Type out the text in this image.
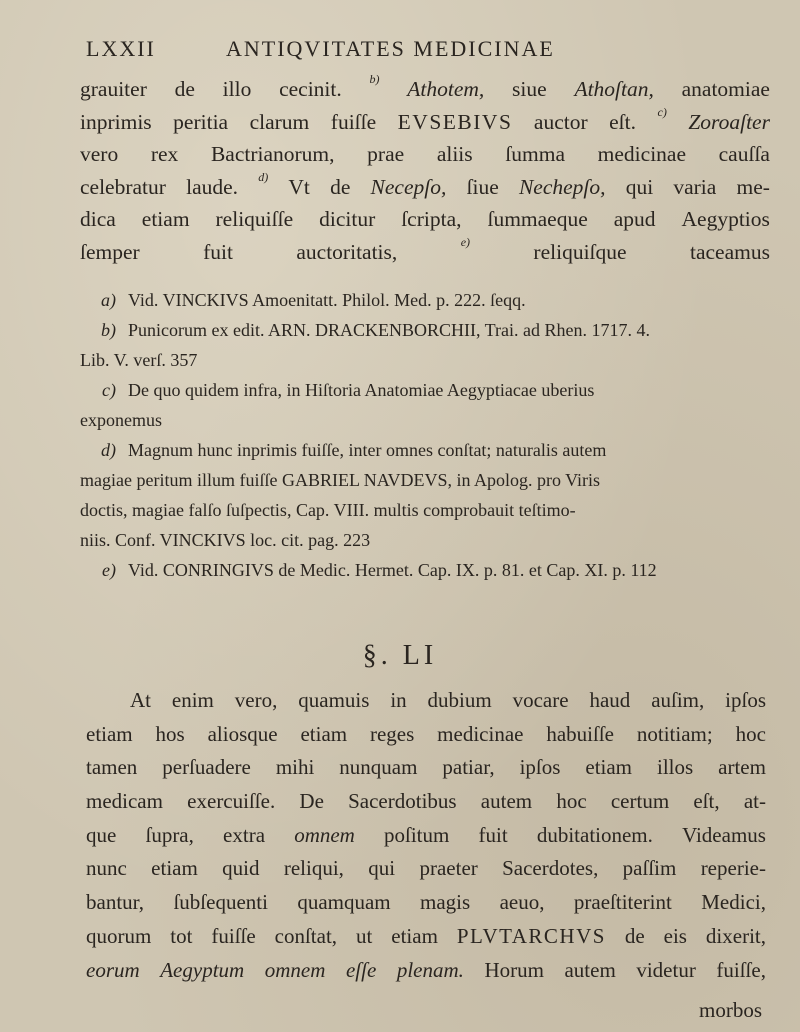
LXXII	ANTIQVITATES MEDICINAE
grauiter de illo cecinit. b) Athotem, siue Athoſtan, anatomiae
inprimis peritia clarum fuiſſe EVSEBIVS auctor eſt. c) Zoroaſter
vero rex Bactrianorum, prae aliis ſumma medicinae cauſſa
celebratur laude. d) Vt de Necepſo, ſiue Nechepſo, qui varia me-
dica etiam reliquiſſe dicitur ſcripta, ſummaeque apud Aegyptios
ſemper	fuit	auctoritatis,	e)	reliquiſque	taceamus
a) Vid. VINCKIVS Amoenitatt. Philol. Med. p. 222. ſeqq.
b) Punicorum ex edit. ARN. DRACKENBORCHII, Trai. ad Rhen. 1717. 4.
Lib. V. verſ. 357
c) De quo quidem infra, in Hiſtoria Anatomiae Aegyptiacae uberius
exponemus
d) Magnum hunc inprimis fuiſſe, inter omnes conſtat; naturalis autem
magiae peritum illum fuiſſe GABRIEL NAVDEVS, in Apolog. pro Viris
doctis, magiae falſo ſuſpectis, Cap. VIII. multis comprobauit teſtimo-
niis. Conf. VINCKIVS loc. cit. pag. 223
e) Vid. CONRINGIVS de Medic. Hermet. Cap. IX. p. 81. et Cap. XI. p. 112
§. LI
At enim vero, quamuis in dubium vocare haud auſim, ipſos
etiam hos aliosque etiam reges medicinae habuiſſe notitiam; hoc
tamen perſuadere mihi nunquam patiar, ipſos etiam illos artem
medicam exercuiſſe. De Sacerdotibus autem hoc certum eſt, at-
que ſupra, extra omnem poſitum fuit dubitationem. Videamus
nunc etiam quid reliqui, qui praeter Sacerdotes, paſſim reperie-
bantur, ſubſequenti quamquam magis aeuo, praeſtiterint Medici,
quorum tot fuiſſe conſtat, ut etiam PLVTARCHVS de eis dixerit,
eorum Aegyptum omnem eſſe plenam. Horum autem videtur fuiſſe,
morbos
